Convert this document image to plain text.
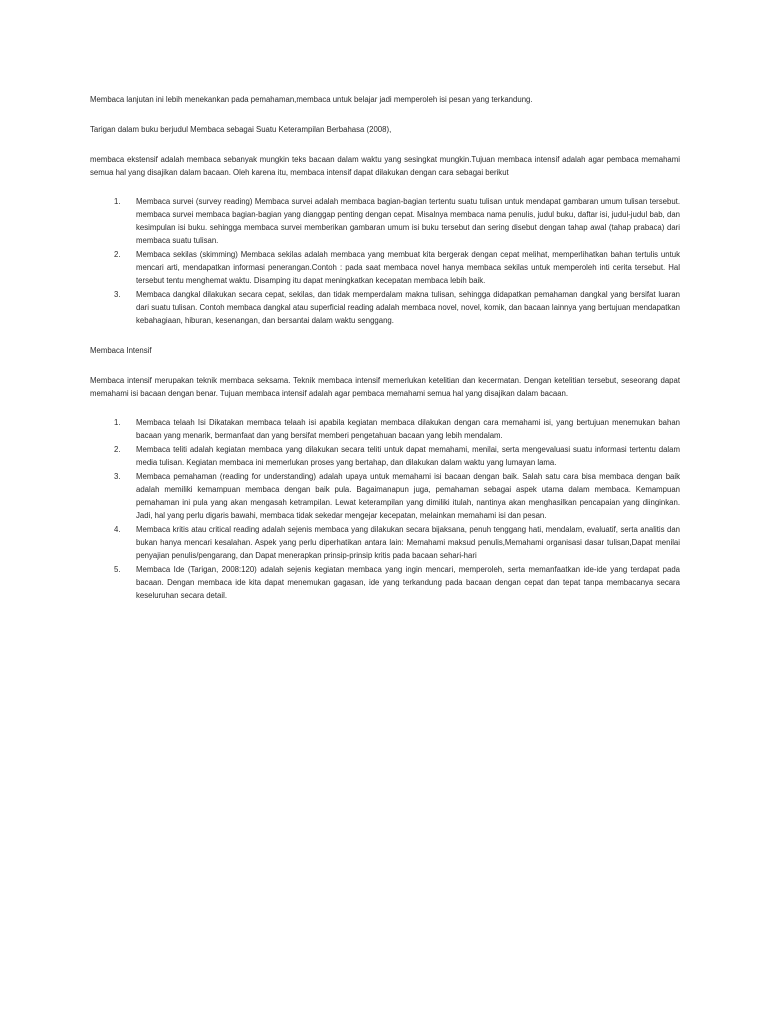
Membaca lanjutan ini lebih menekankan pada pemahaman,membaca untuk belajar jadi memperoleh isi pesan yang terkandung.

Tarigan dalam buku berjudul Membaca sebagai Suatu Keterampilan Berbahasa (2008),

membaca ekstensif adalah membaca sebanyak mungkin teks bacaan dalam waktu yang sesingkat mungkin.Tujuan membaca intensif adalah agar pembaca memahami semua hal yang disajikan dalam bacaan. Oleh karena itu, membaca intensif dapat dilakukan dengan cara sebagai berikut

1. Membaca survei (survey reading) Membaca survei adalah membaca bagian-bagian tertentu suatu tulisan untuk mendapat gambaran umum tulisan tersebut. membaca survei membaca bagian-bagian yang dianggap penting dengan cepat. Misalnya membaca nama penulis, judul buku, daftar isi, judul-judul bab, dan kesimpulan isi buku. sehingga membaca survei memberikan gambaran umum isi buku tersebut dan sering disebut dengan tahap awal (tahap prabaca) dari membaca suatu tulisan.
2. Membaca sekilas (skimming) Membaca sekilas adalah membaca yang membuat kita bergerak dengan cepat melihat, memperlihatkan bahan tertulis untuk mencari arti, mendapatkan informasi penerangan.Contoh : pada saat membaca novel hanya membaca sekilas untuk memperoleh inti cerita tersebut. Hal tersebut tentu menghemat waktu. Disamping itu dapat meningkatkan kecepatan membaca lebih baik.
3. Membaca dangkal dilakukan secara cepat, sekilas, dan tidak memperdalam makna tulisan, sehingga didapatkan pemahaman dangkal yang bersifat luaran dari suatu tulisan. Contoh membaca dangkal atau superficial reading adalah membaca novel, novel, komik, dan bacaan lainnya yang bertujuan mendapatkan kebahagiaan, hiburan, kesenangan, dan bersantai dalam waktu senggang.

Membaca Intensif

Membaca intensif merupakan teknik membaca seksama. Teknik membaca intensif memerlukan ketelitian dan kecermatan. Dengan ketelitian tersebut, seseorang dapat memahami isi bacaan dengan benar. Tujuan membaca intensif adalah agar pembaca memahami semua hal yang disajikan dalam bacaan.

1. Membaca telaah Isi Dikatakan membaca telaah isi apabila kegiatan membaca dilakukan dengan cara memahami isi, yang bertujuan menemukan bahan bacaan yang menarik, bermanfaat dan yang bersifat memberi pengetahuan bacaan yang lebih mendalam.
2. Membaca teliti adalah kegiatan membaca yang dilakukan secara teliti untuk dapat memahami, menilai, serta mengevaluasi suatu informasi tertentu dalam media tulisan. Kegiatan membaca ini memerlukan proses yang bertahap, dan dilakukan dalam waktu yang lumayan lama.
3. Membaca pemahaman (reading for understanding) adalah upaya untuk memahami isi bacaan dengan baik. Salah satu cara bisa membaca dengan baik adalah memiliki kemampuan membaca dengan baik pula. Bagaimanapun juga, pemahaman sebagai aspek utama dalam membaca. Kemampuan pemahaman ini pula yang akan mengasah ketrampilan. Lewat keterampilan yang dimiliki itulah, nantinya akan menghasilkan pencapaian yang diinginkan. Jadi, hal yang perlu digaris bawahi, membaca tidak sekedar mengejar kecepatan, melainkan memahami isi dan pesan.
4. Membaca kritis atau critical reading adalah sejenis membaca yang dilakukan secara bijaksana, penuh tenggang hati, mendalam, evaluatif, serta analitis dan bukan hanya mencari kesalahan. Aspek yang perlu diperhatikan antara lain: Memahami maksud penulis,Memahami organisasi dasar tulisan,Dapat menilai penyajian penulis/pengarang, dan Dapat menerapkan prinsip-prinsip kritis pada bacaan sehari-hari
5. Membaca Ide (Tarigan, 2008:120) adalah sejenis kegiatan membaca yang ingin mencari, memperoleh, serta memanfaatkan ide-ide yang terdapat pada bacaan. Dengan membaca ide kita dapat menemukan gagasan, ide yang terkandung pada bacaan dengan cepat dan tepat tanpa membacanya secara keseluruhan secara detail.
